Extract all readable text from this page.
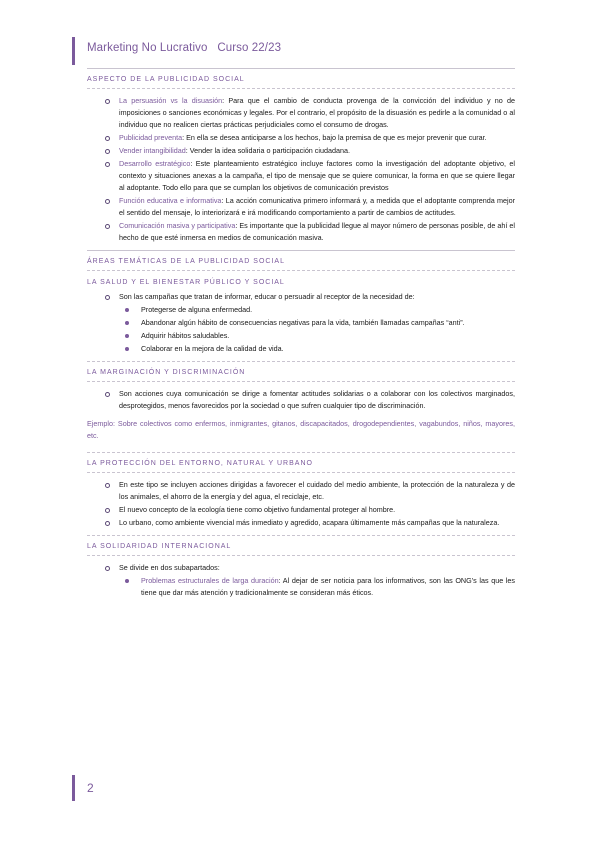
Marketing No Lucrativo   Curso 22/23
ASPECTO DE LA PUBLICIDAD SOCIAL
La persuasión vs la disuasión: Para que el cambio de conducta provenga de la convicción del individuo y no de imposiciones o sanciones económicas y legales. Por el contrario, el propósito de la disuasión es pedirle a la comunidad o al individuo que no realicen ciertas prácticas perjudiciales como el consumo de drogas.
Publicidad preventa: En ella se desea anticiparse a los hechos, bajo la premisa de que es mejor prevenir que curar.
Vender intangibilidad: Vender la idea solidaria o participación ciudadana.
Desarrollo estratégico: Este planteamiento estratégico incluye factores como la investigación del adoptante objetivo, el contexto y situaciones anexas a la campaña, el tipo de mensaje que se quiere comunicar, la forma en que se quiere llegar al adoptante. Todo ello para que se cumplan los objetivos de comunicación previstos
Función educativa e informativa: La acción comunicativa primero informará y, a medida que el adoptante comprenda mejor el sentido del mensaje, lo interiorizará e irá modificando comportamiento a partir de cambios de actitudes.
Comunicación masiva y participativa: Es importante que la publicidad llegue al mayor número de personas posible, de ahí el hecho de que esté inmersa en medios de comunicación masiva.
ÁREAS TEMÁTICAS DE LA PUBLICIDAD SOCIAL
LA SALUD Y EL BIENESTAR PÚBLICO Y SOCIAL
Son las campañas que tratan de informar, educar o persuadir al receptor de la necesidad de:
Protegerse de alguna enfermedad.
Abandonar algún hábito de consecuencias negativas para la vida, también llamadas campañas “anti”.
Adquirir hábitos saludables.
Colaborar en la mejora de la calidad de vida.
LA MARGINACIÓN Y DISCRIMINACIÓN
Son acciones cuya comunicación se dirige a fomentar actitudes solidarias o a colaborar con los colectivos marginados, desprotegidos, menos favorecidos por la sociedad o que sufren cualquier tipo de discriminación.
Ejemplo: Sobre colectivos como enfermos, inmigrantes, gitanos, discapacitados, drogodependientes, vagabundos, niños, mayores, etc.
LA PROTECCIÓN DEL ENTORNO, NATURAL Y URBANO
En este tipo se incluyen acciones dirigidas a favorecer el cuidado del medio ambiente, la protección de la naturaleza y de los animales, el ahorro de la energía y del agua, el reciclaje, etc.
El nuevo concepto de la ecología tiene como objetivo fundamental proteger al hombre.
Lo urbano, como ambiente vivencial más inmediato y agredido, acapara últimamente más campañas que la naturaleza.
LA SOLIDARIDAD INTERNACIONAL
Se divide en dos subapartados:
Problemas estructurales de larga duración: Al dejar de ser noticia para los informativos, son las ONG’s las que les tiene que dar más atención y tradicionalmente se consideran más éticos.
2
